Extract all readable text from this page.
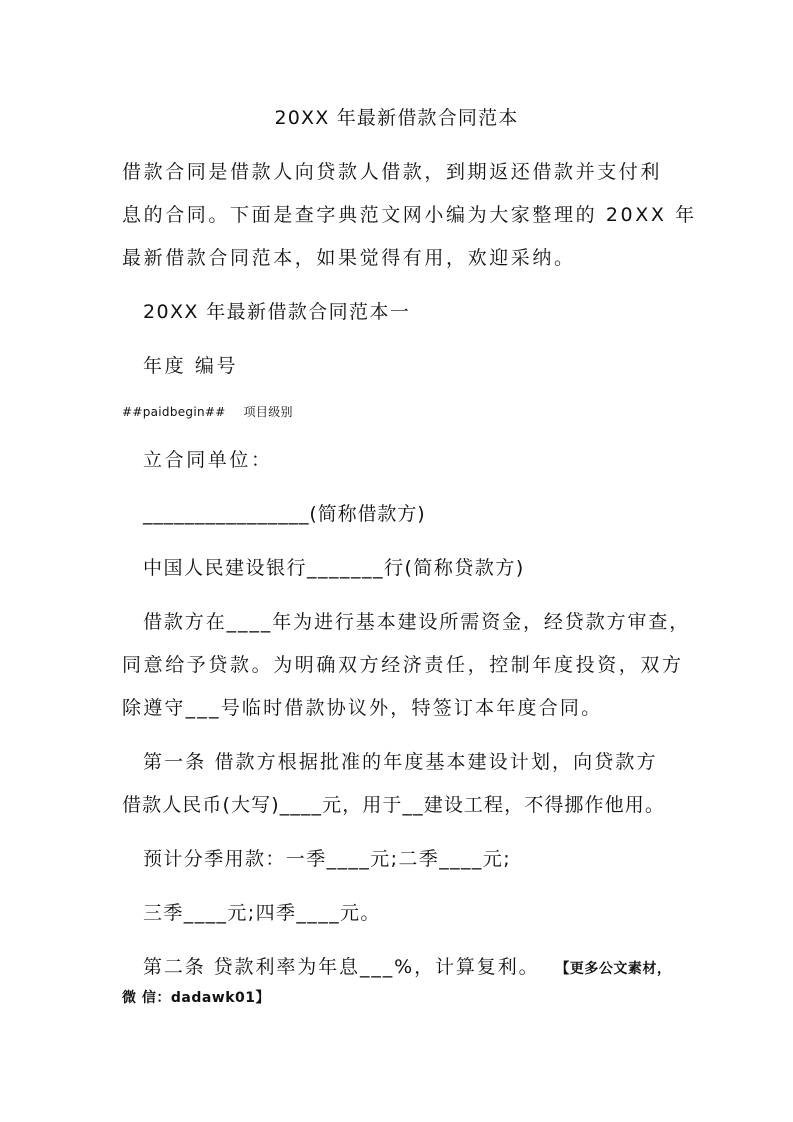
20XX 年最新借款合同范本

借款合同是借款人向贷款人借款，到期返还借款并支付利

息的合同。下面是查字典范文网小编为大家整理的 20XX 年

最新借款合同范本，如果觉得有用，欢迎采纳。

20XX 年最新借款合同范本一

年度 编号

##paidbegin## 项目级别

立合同单位：

________________(简称借款方)

中国人民建设银行_______行(简称贷款方)

借款方在____年为进行基本建设所需资金，经贷款方审查，

同意给予贷款。为明确双方经济责任，控制年度投资，双方

除遵守___号临时借款协议外，特签订本年度合同。

第一条 借款方根据批准的年度基本建设计划，向贷款方

借款人民币(大写)____元，用于__建设工程，不得挪作他用。

预计分季用款：一季____元;二季____元;

三季____元;四季____元。

第二条 贷款利率为年息___%，计算复利。 【更多公文素材，

微 信：dadawk01】
